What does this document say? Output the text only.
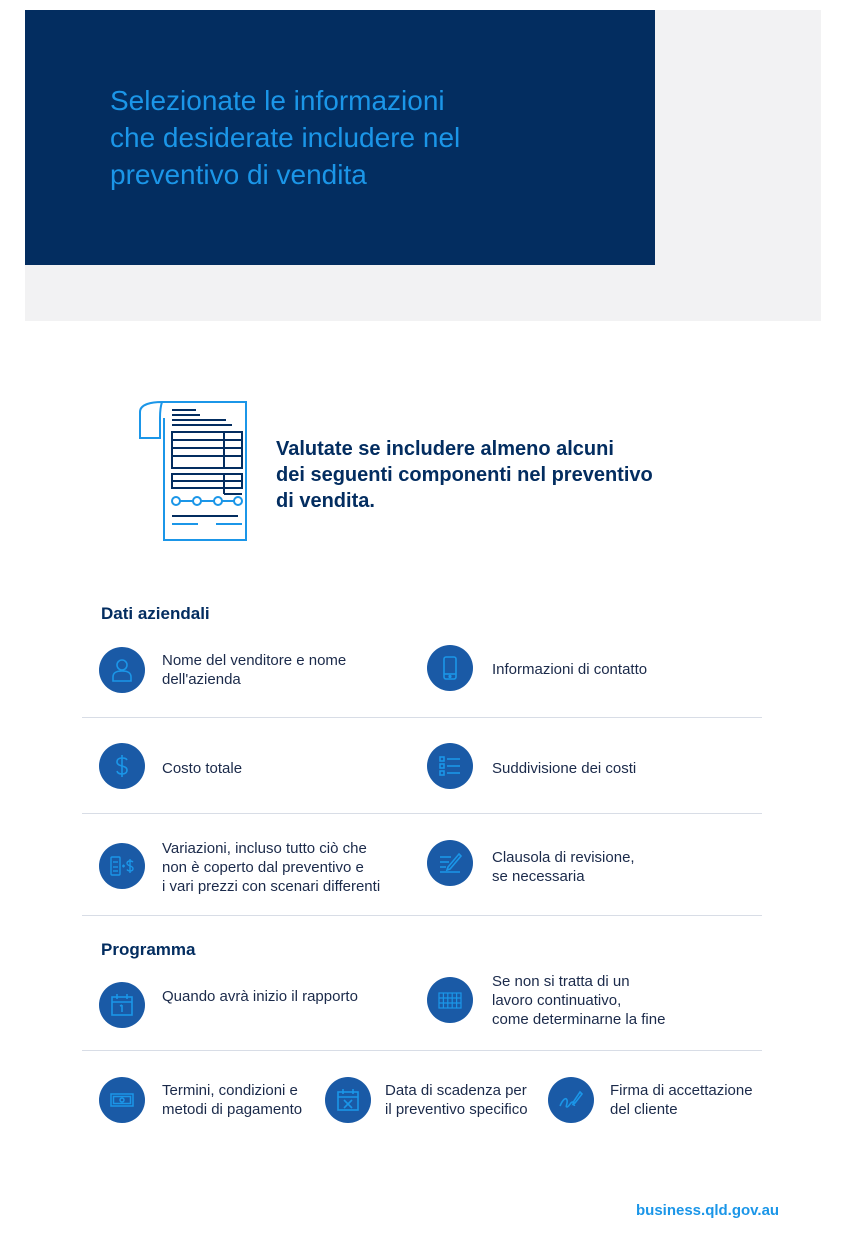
Selezionate le informazioni
che desiderate includere nel
preventivo di vendita
Valutate se includere almeno alcuni
dei seguenti componenti nel preventivo
di vendita.
Dati aziendali
Nome del venditore e nome
dell'azienda
Informazioni di contatto
Costo totale	Suddivisione dei costi
Variazioni, incluso tutto ciò che
non è coperto dal preventivo e
i vari prezzi con scenari differenti
Clausola di revisione,
se necessaria
Programma
Quando avrà inizio il rapporto
Se non si tratta di un
lavoro continuativo,
come determinarne la fine
Termini, condizioni e
metodi di pagamento
Data di scadenza per
il preventivo specifico
Firma di accettazione
del cliente
business.qld.gov.au
